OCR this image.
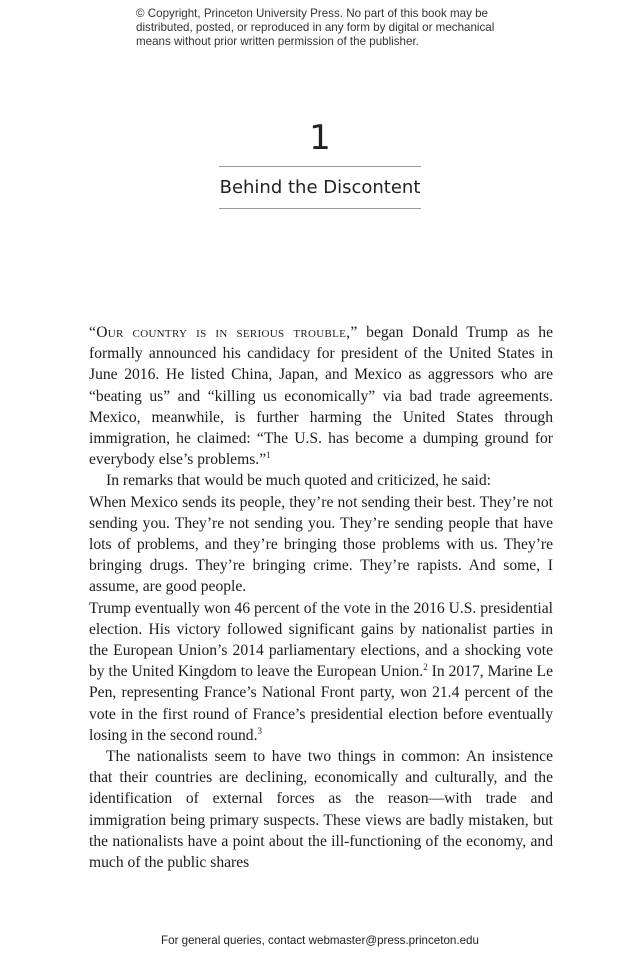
© Copyright, Princeton University Press. No part of this book may be distributed, posted, or reproduced in any form by digital or mechanical means without prior written permission of the publisher.

1
Behind the Discontent

“Our country is in serious trouble,” began Donald Trump as he formally announced his candidacy for president of the United States in June 2016. He listed China, Japan, and Mexico as aggressors who are “beating us” and “killing us economically” via bad trade agreements. Mexico, meanwhile, is further harming the United States through immigration, he claimed: “The U.S. has become a dumping ground for everybody else’s problems.”$^1$

In remarks that would be much quoted and criticized, he said:

When Mexico sends its people, they’re not sending their best. They’re not sending you. They’re not sending you. They’re sending people that have lots of problems, and they’re bringing those problems with us. They’re bringing drugs. They’re bringing crime. They’re rapists. And some, I assume, are good people.

Trump eventually won 46 percent of the vote in the 2016 U.S. presidential election. His victory followed significant gains by nationalist parties in the European Union’s 2014 parliamentary elections, and a shocking vote by the United Kingdom to leave the European Union.$^2$ In 2017, Marine Le Pen, representing France’s National Front party, won 21.4 percent of the vote in the first round of France’s presidential election before eventually losing in the second round.$^3$

The nationalists seem to have two things in common: An insistence that their countries are declining, economically and culturally, and the identification of external forces as the reason—with trade and immigration being primary suspects. These views are badly mistaken, but the nationalists have a point about the ill-functioning of the economy, and much of the public shares

For general queries, contact webmaster@press.princeton.edu
